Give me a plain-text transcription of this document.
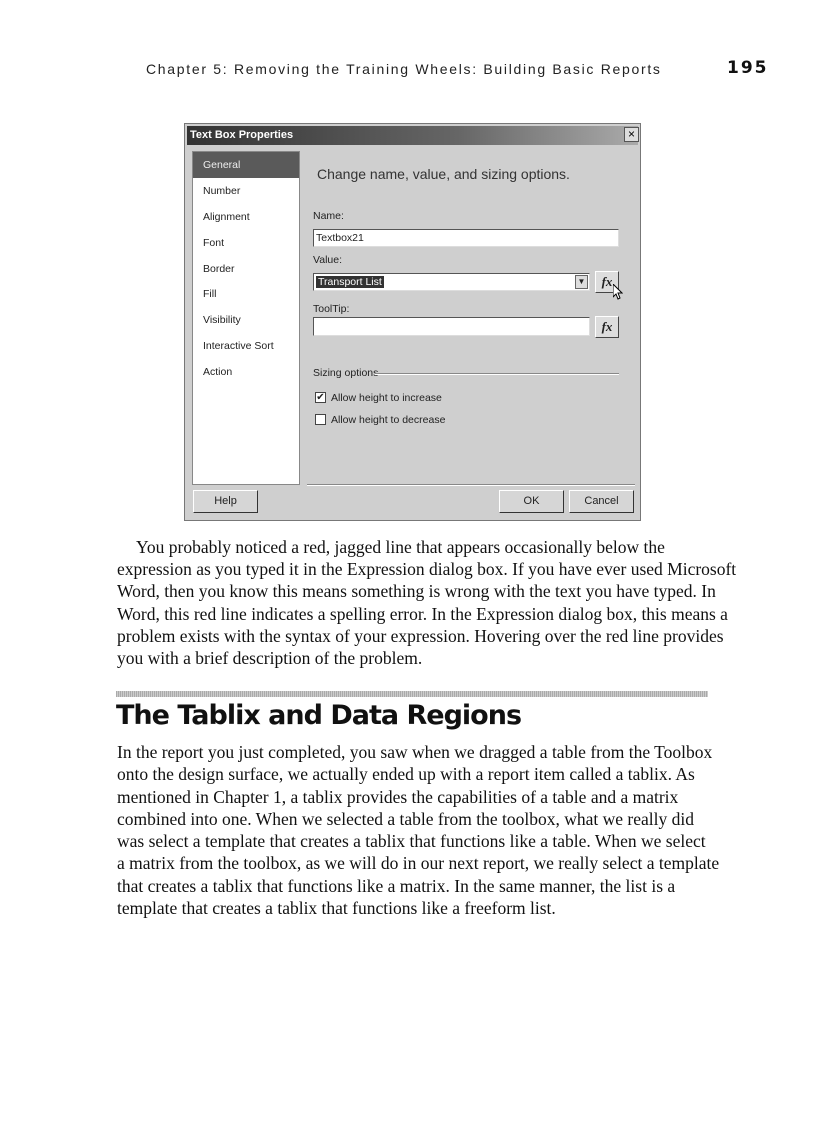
Chapter 5: Removing the Training Wheels: Building Basic Reports	195
Text Box Properties	×
General
Number
Alignment
Font
Border
Fill
Visibility
Interactive Sort
Action
Change name, value, and sizing options.
Name:
Textbox21
Value:
Transport List	▼	fx
ToolTip:
fx
Sizing options
✔ Allow height to increase
Allow height to decrease
Help	OK	Cancel
You probably noticed a red, jagged line that appears occasionally below the
expression as you typed it in the Expression dialog box. If you have ever used Microsoft
Word, then you know this means something is wrong with the text you have typed. In
Word, this red line indicates a spelling error. In the Expression dialog box, this means a
problem exists with the syntax of your expression. Hovering over the red line provides
you with a brief description of the problem.
The Tablix and Data Regions
In the report you just completed, you saw when we dragged a table from the Toolbox
onto the design surface, we actually ended up with a report item called a tablix. As
mentioned in Chapter 1, a tablix provides the capabilities of a table and a matrix
combined into one. When we selected a table from the toolbox, what we really did
was select a template that creates a tablix that functions like a table. When we select
a matrix from the toolbox, as we will do in our next report, we really select a template
that creates a tablix that functions like a matrix. In the same manner, the list is a
template that creates a tablix that functions like a freeform list.
